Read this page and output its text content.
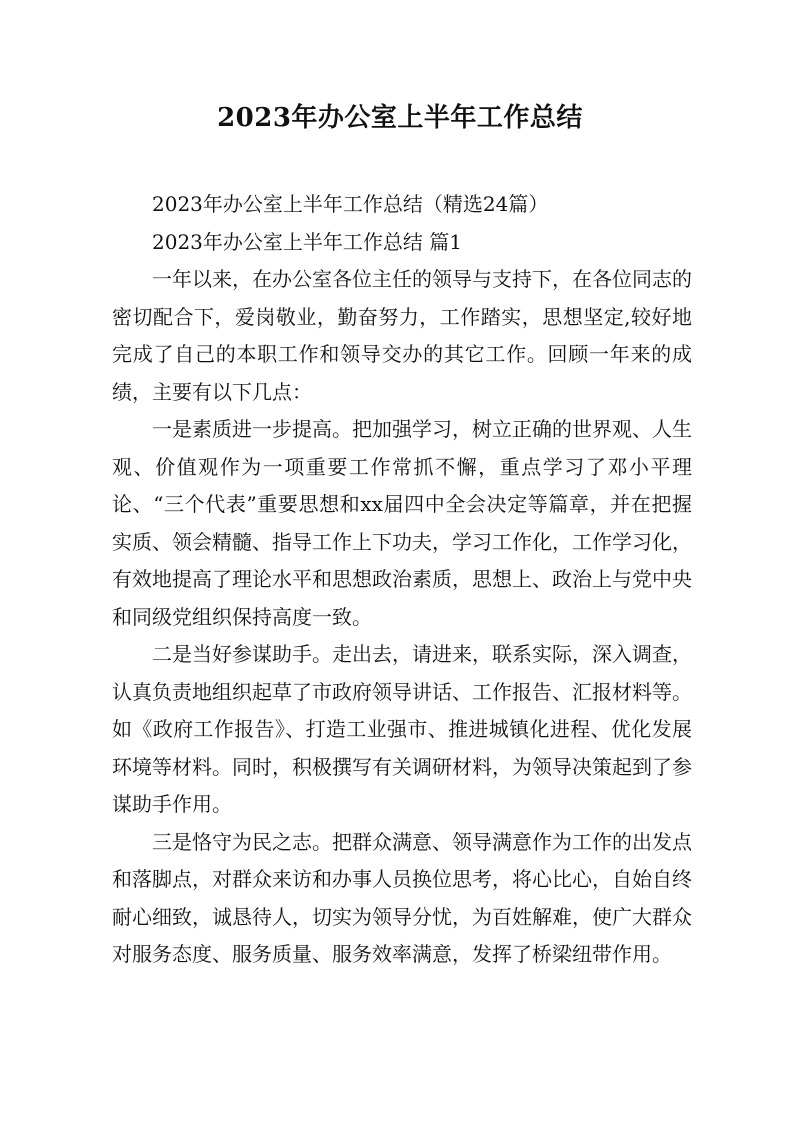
2023年办公室上半年工作总结

2023年办公室上半年工作总结（精选24篇）

2023年办公室上半年工作总结 篇1

一年以来，在办公室各位主任的领导与支持下，在各位同志的密切配合下，爱岗敬业，勤奋努力，工作踏实，思想坚定,较好地完成了自己的本职工作和领导交办的其它工作。回顾一年来的成绩，主要有以下几点：

一是素质进一步提高。把加强学习，树立正确的世界观、人生观、价值观作为一项重要工作常抓不懈，重点学习了邓小平理论、“三个代表”重要思想和xx届四中全会决定等篇章，并在把握实质、领会精髓、指导工作上下功夫，学习工作化，工作学习化，有效地提高了理论水平和思想政治素质，思想上、政治上与党中央和同级党组织保持高度一致。

二是当好参谋助手。走出去，请进来，联系实际，深入调查，认真负责地组织起草了市政府领导讲话、工作报告、汇报材料等。如《政府工作报告》、打造工业强市、推进城镇化进程、优化发展环境等材料。同时，积极撰写有关调研材料，为领导决策起到了参谋助手作用。

三是恪守为民之志。把群众满意、领导满意作为工作的出发点和落脚点，对群众来访和办事人员换位思考，将心比心，自始自终耐心细致，诚恳待人，切实为领导分忧，为百姓解难，使广大群众对服务态度、服务质量、服务效率满意，发挥了桥梁纽带作用。
